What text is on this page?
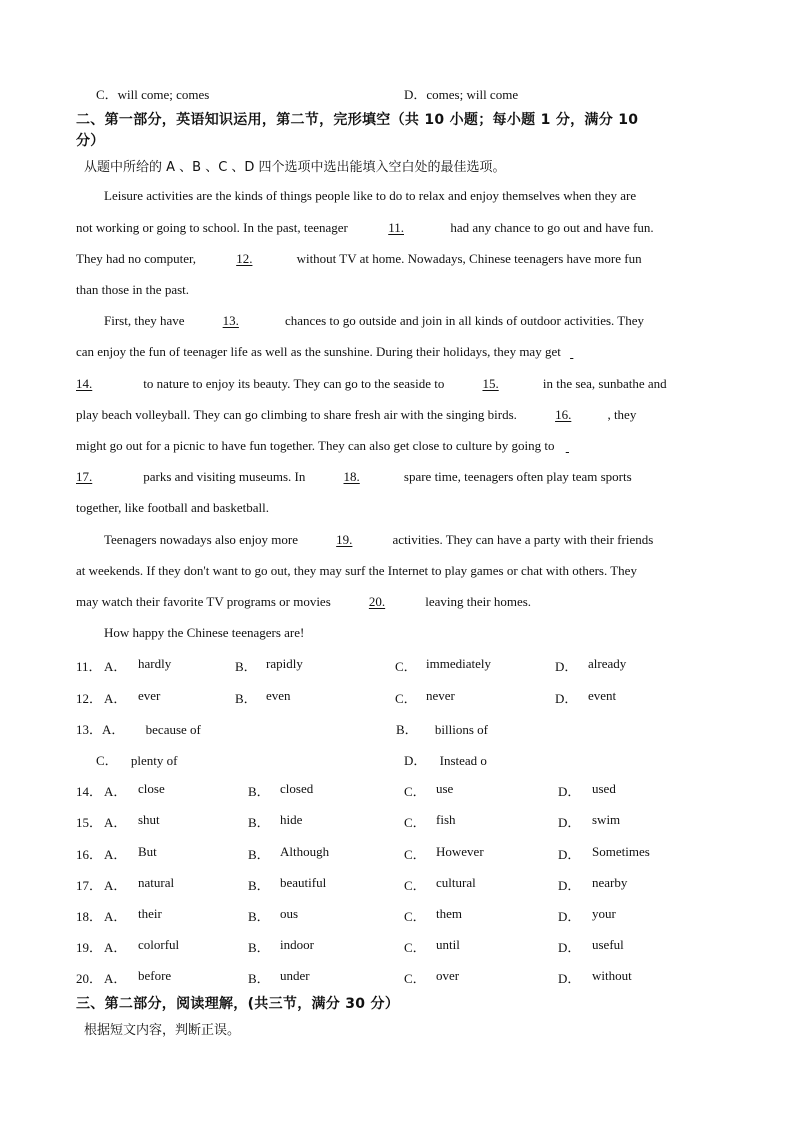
C．will come; comes	D．comes; will come
二、第一部分，英语知识运用，第二节，完形填空（共 10 小题；每小题 1 分，满分 10
分）
从题中所给的 A 、B 、C 、D 四个选项中选出能填入空白处的最佳选项。
Leisure activities are the kinds of things people like to do to relax and enjoy themselves when they are
not working or going to school. In the past, teenager	11.	had any chance to go out and have fun.
They had no computer,	12.	without TV at home. Nowadays, Chinese teenagers have more fun
than those in the past.
First, they have	13.	chances to go outside and join in all kinds of outdoor activities. They
can enjoy the fun of teenager life as well as the sunshine. During their holidays, they may get
14.	to nature to enjoy its beauty. They can go to the seaside to	15.	in the sea, sunbathe and
play beach volleyball. They can go climbing to share fresh air with the singing birds.	16.	, they
might go out for a picnic to have fun together. They can also get close to culture by going to
17.	parks and visiting museums. In	18.	spare time, teenagers often play team sports
together, like football and basketball.
Teenagers nowadays also enjoy more	19.	activities. They can have a party with their friends
at weekends. If they don't want to go out, they may surf the Internet to play games or chat with others. They
may watch their favorite TV programs or movies	20.	leaving their homes.
How happy the Chinese teenagers are!
11． A． hardly	B． rapidly	C． immediately	D． already
12． A． ever	B． even	C． never	D． event
14． A． close	B． closed	C． use	D． used
15． A． shut	B． hide	C． fish	D． swim
16． A． But	B． Although	C． However	D． Sometimes
17． A． natural	B． beautiful	C． cultural	D． nearby
18． A． their	B． ous	C． them	D． your
19． A． colorful	B． indoor	C． until	D． useful
20． A． before	B． under	C． over	D． without
13．A． because of	B． billions of
C． plenty of	D． Instead o
三、第二部分，阅读理解，(共三节，满分 30 分）
根据短文内容，判断正误。
